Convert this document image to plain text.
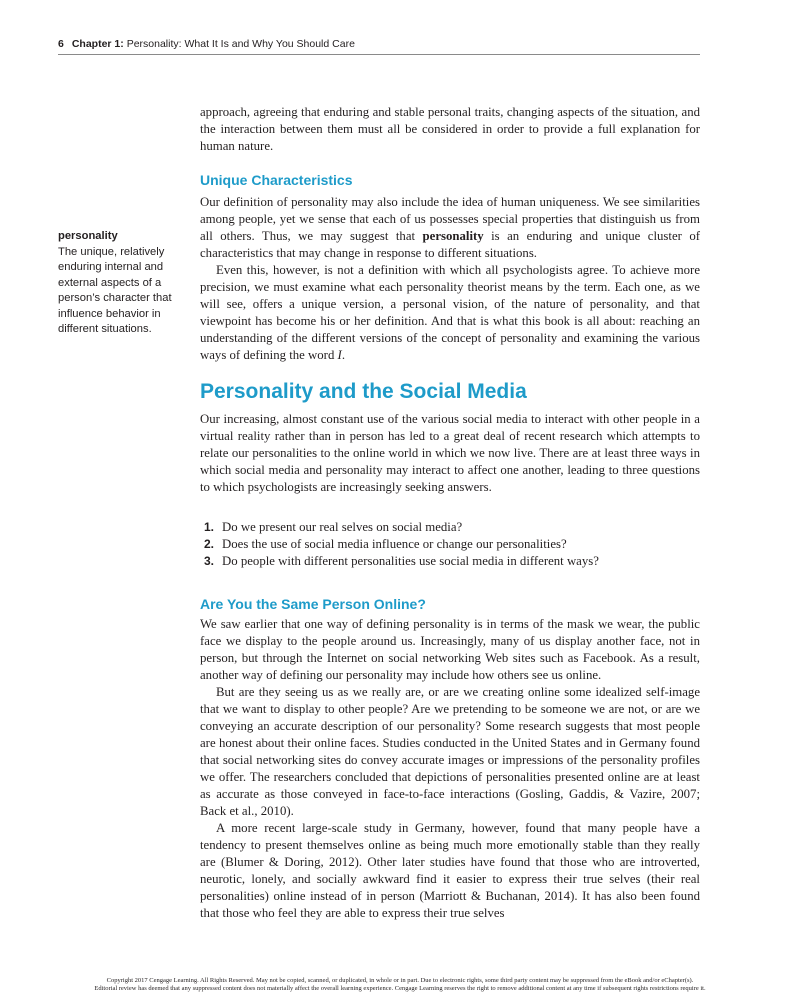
6 Chapter 1: Personality: What It Is and Why You Should Care

approach, agreeing that enduring and stable personal traits, changing aspects of the situation, and the interaction between them must all be considered in order to provide a full explanation for human nature.

Unique Characteristics

Our definition of personality may also include the idea of human uniqueness. We see similarities among people, yet we sense that each of us possesses special properties that distinguish us from all others. Thus, we may suggest that personality is an enduring and unique cluster of characteristics that may change in response to different situations.

Even this, however, is not a definition with which all psychologists agree. To achieve more precision, we must examine what each personality theorist means by the term. Each one, as we will see, offers a unique version, a personal vision, of the nature of personality, and that viewpoint has become his or her definition. And that is what this book is all about: reaching an understanding of the different versions of the concept of personality and examining the various ways of defining the word I.

personality
The unique, relatively enduring internal and external aspects of a person’s character that influence behavior in different situations.
Personality and the Social Media

Our increasing, almost constant use of the various social media to interact with other people in a virtual reality rather than in person has led to a great deal of recent research which attempts to relate our personalities to the online world in which we now live. There are at least three ways in which social media and personality may interact to affect one another, leading to three questions to which psychologists are increasingly seeking answers.

1. Do we present our real selves on social media?
2. Does the use of social media influence or change our personalities?
3. Do people with different personalities use social media in different ways?
Are You the Same Person Online?

We saw earlier that one way of defining personality is in terms of the mask we wear, the public face we display to the people around us. Increasingly, many of us display another face, not in person, but through the Internet on social networking Web sites such as Facebook. As a result, another way of defining our personality may include how others see us online.

But are they seeing us as we really are, or are we creating online some idealized self-image that we want to display to other people? Are we pretending to be someone we are not, or are we conveying an accurate description of our personality? Some research suggests that most people are honest about their online faces. Studies conducted in the United States and in Germany found that social networking sites do convey accurate images or impressions of the personality profiles we offer. The researchers concluded that depictions of personalities presented online are at least as accurate as those conveyed in face-to-face interactions (Gosling, Gaddis, & Vazire, 2007; Back et al., 2010).

A more recent large-scale study in Germany, however, found that many people have a tendency to present themselves online as being much more emotionally stable than they really are (Blumer & Doring, 2012). Other later studies have found that those who are introverted, neurotic, lonely, and socially awkward find it easier to express their true selves (their real personalities) online instead of in person (Marriott & Buchanan, 2014). It has also been found that those who feel they are able to express their true selves

Copyright 2017 Cengage Learning. All Rights Reserved. May not be copied, scanned, or duplicated, in whole or in part. Due to electronic rights, some third party content may be suppressed from the eBook and/or eChapter(s).
Editorial review has deemed that any suppressed content does not materially affect the overall learning experience. Cengage Learning reserves the right to remove additional content at any time if subsequent rights restrictions require it.
